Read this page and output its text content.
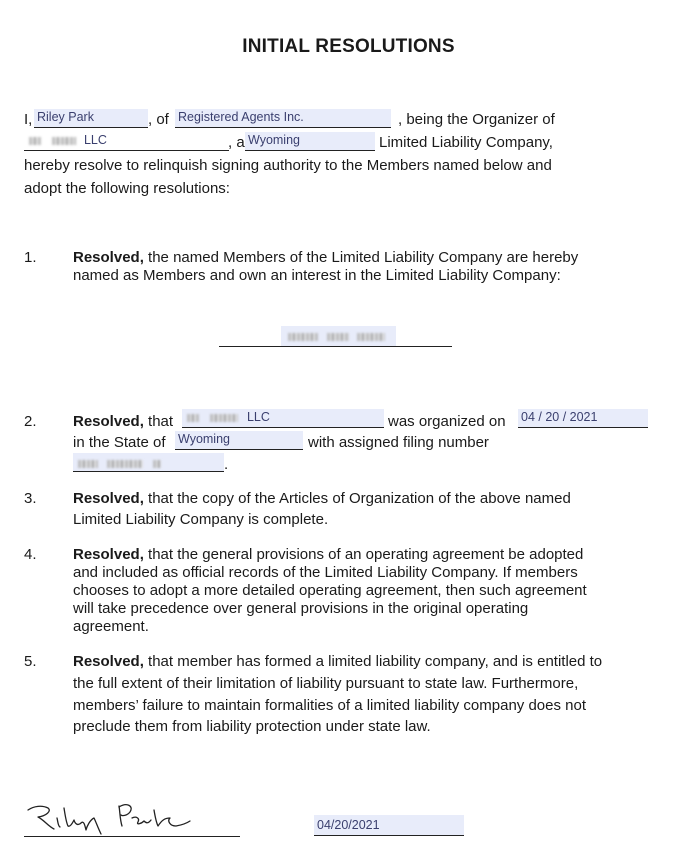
INITIAL RESOLUTIONS
I, Riley Park	, of Registered Agents Inc.	, being the Organizer of
LLC	, a Wyoming	Limited Liability Company,
hereby resolve to relinquish signing authority to the Members named below and
adopt the following resolutions:
1. Resolved, the named Members of the Limited Liability Company are hereby
named as Members and own an interest in the Limited Liability Company:

2. Resolved, that	LLC	was organized on 04 / 20 / 2021
in the State of Wyoming	with assigned filing number

.
3. Resolved, that the copy of the Articles of Organization of the above named
Limited Liability Company is complete.
4. Resolved, that the general provisions of an operating agreement be adopted
and included as official records of the Limited Liability Company. If members
chooses to adopt a more detailed operating agreement, then such agreement
will take precedence over general provisions in the original operating
agreement.
5. Resolved, that member has formed a limited liability company, and is entitled to
the full extent of their limitation of liability pursuant to state law. Furthermore,
members’ failure to maintain formalities of a limited liability company does not
preclude them from liability protection under state law.
04/20/2021
